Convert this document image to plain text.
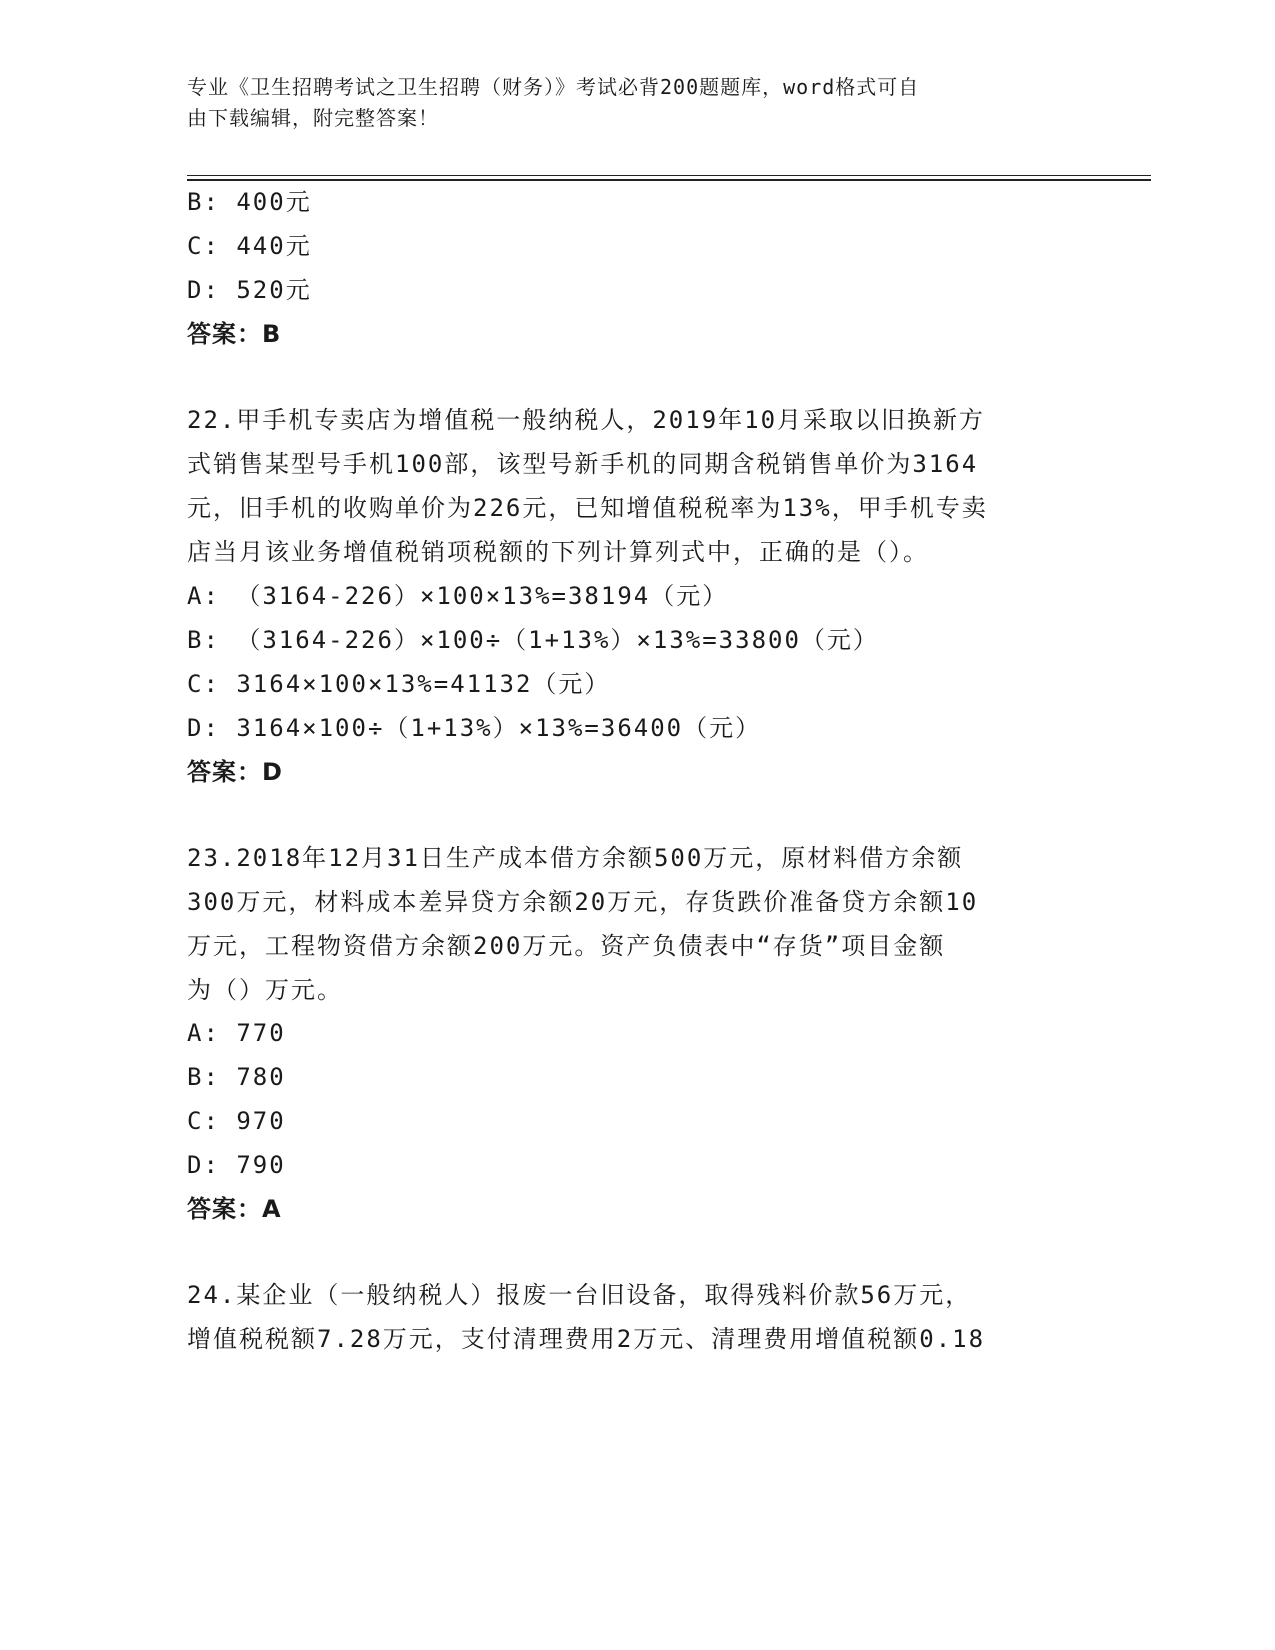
专业《卫生招聘考试之卫生招聘（财务）》考试必背200题题库，word格式可自
由下载编辑，附完整答案！
B: 400元
C: 440元
D: 520元
答案：B
22.甲手机专卖店为增值税一般纳税人，2019年10月采取以旧换新方
式销售某型号手机100部，该型号新手机的同期含税销售单价为3164
元，旧手机的收购单价为226元，已知增值税税率为13%，甲手机专卖
店当月该业务增值税销项税额的下列计算列式中，正确的是（）。
A: （3164-226）×100×13%=38194（元）
B: （3164-226）×100÷（1+13%）×13%=33800（元）
C: 3164×100×13%=41132（元）
D: 3164×100÷（1+13%）×13%=36400（元）
答案：D
23.2018年12月31日生产成本借方余额500万元，原材料借方余额
300万元，材料成本差异贷方余额20万元，存货跌价准备贷方余额10
万元，工程物资借方余额200万元。资产负债表中“存货”项目金额
为（）万元。
A: 770
B: 780
C: 970
D: 790
答案：A
24.某企业（一般纳税人）报废一台旧设备，取得残料价款56万元，
增值税税额7.28万元，支付清理费用2万元、清理费用增值税额0.18
